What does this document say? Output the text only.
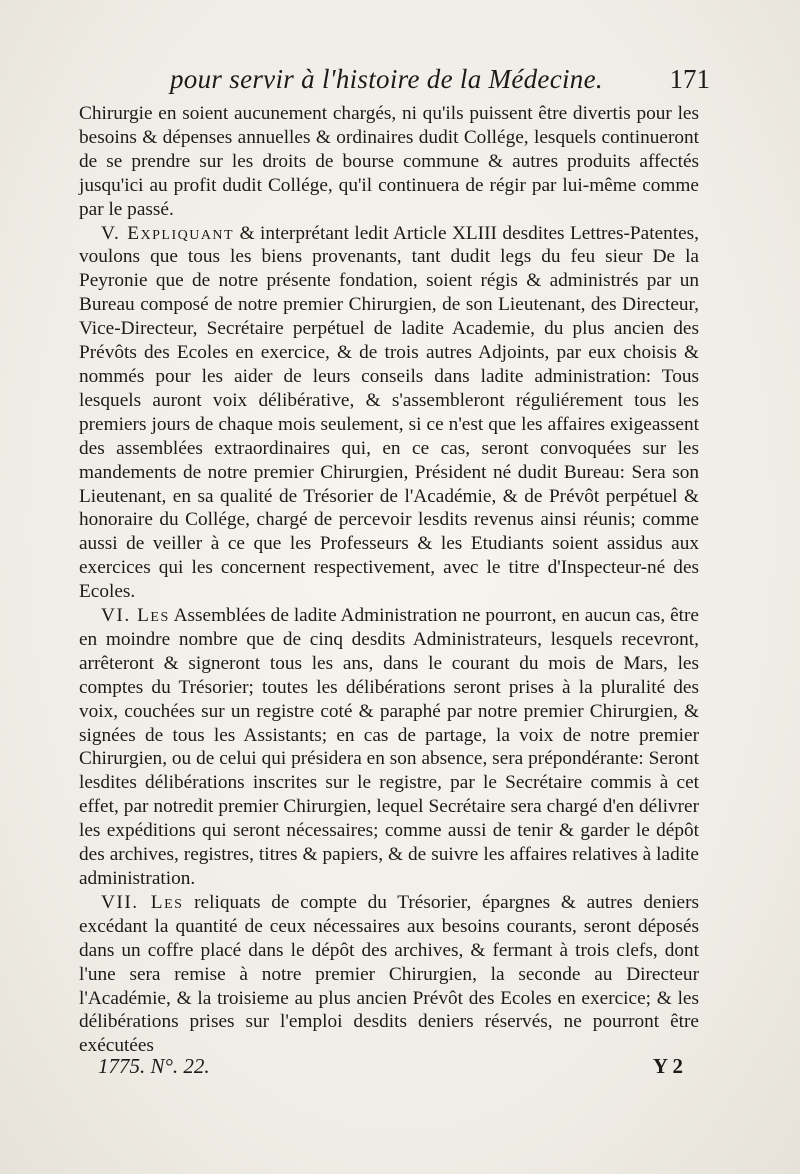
pour servir à l'histoire de la Médecine. 171

Chirurgie en soient aucunement chargés, ni qu'ils puissent être divertis pour les besoins & dépenses annuelles & ordinaires dudit Collége, lesquels continueront de se prendre sur les droits de bourse commune & autres produits affectés jusqu'ici au profit dudit Collége, qu'il continuera de régir par lui-même comme par le passé.

V. Expliquant & interprétant ledit Article XLIII desdites Lettres-Patentes, voulons que tous les biens provenants, tant dudit legs du feu sieur De la Peyronie que de notre présente fondation, soient régis & administrés par un Bureau composé de notre premier Chirurgien, de son Lieutenant, des Directeur, Vice-Directeur, Secrétaire perpétuel de ladite Academie, du plus ancien des Prévôts des Ecoles en exercice, & de trois autres Adjoints, par eux choisis & nommés pour les aider de leurs conseils dans ladite administration: Tous lesquels auront voix délibérative, & s'assembleront réguliérement tous les premiers jours de chaque mois seulement, si ce n'est que les affaires exigeassent des assemblées extraordinaires qui, en ce cas, seront convoquées sur les mandements de notre premier Chirurgien, Président né dudit Bureau: Sera son Lieutenant, en sa qualité de Trésorier de l'Académie, & de Prévôt perpétuel & honoraire du Collége, chargé de percevoir lesdits revenus ainsi réunis; comme aussi de veiller à ce que les Professeurs & les Etudiants soient assidus aux exercices qui les concernent respectivement, avec le titre d'Inspecteur-né des Ecoles.

VI. Les Assemblées de ladite Administration ne pourront, en aucun cas, être en moindre nombre que de cinq desdits Administrateurs, lesquels recevront, arrêteront & signeront tous les ans, dans le courant du mois de Mars, les comptes du Trésorier; toutes les délibérations seront prises à la pluralité des voix, couchées sur un registre coté & paraphé par notre premier Chirurgien, & signées de tous les Assistants; en cas de partage, la voix de notre premier Chirurgien, ou de celui qui présidera en son absence, sera prépondérante: Seront lesdites délibérations inscrites sur le registre, par le Secrétaire commis à cet effet, par notredit premier Chirurgien, lequel Secrétaire sera chargé d'en délivrer les expéditions qui seront nécessaires; comme aussi de tenir & garder le dépôt des archives, registres, titres & papiers, & de suivre les affaires relatives à ladite administration.

VII. Les reliquats de compte du Trésorier, épargnes & autres deniers excédant la quantité de ceux nécessaires aux besoins courants, seront déposés dans un coffre placé dans le dépôt des archives, & fermant à trois clefs, dont l'une sera remise à notre premier Chirurgien, la seconde au Directeur l'Académie, & la troisieme au plus ancien Prévôt des Ecoles en exercice; & les délibérations prises sur l'emploi desdits deniers réservés, ne pourront être exécutées

1775. N°. 22.	Y 2
